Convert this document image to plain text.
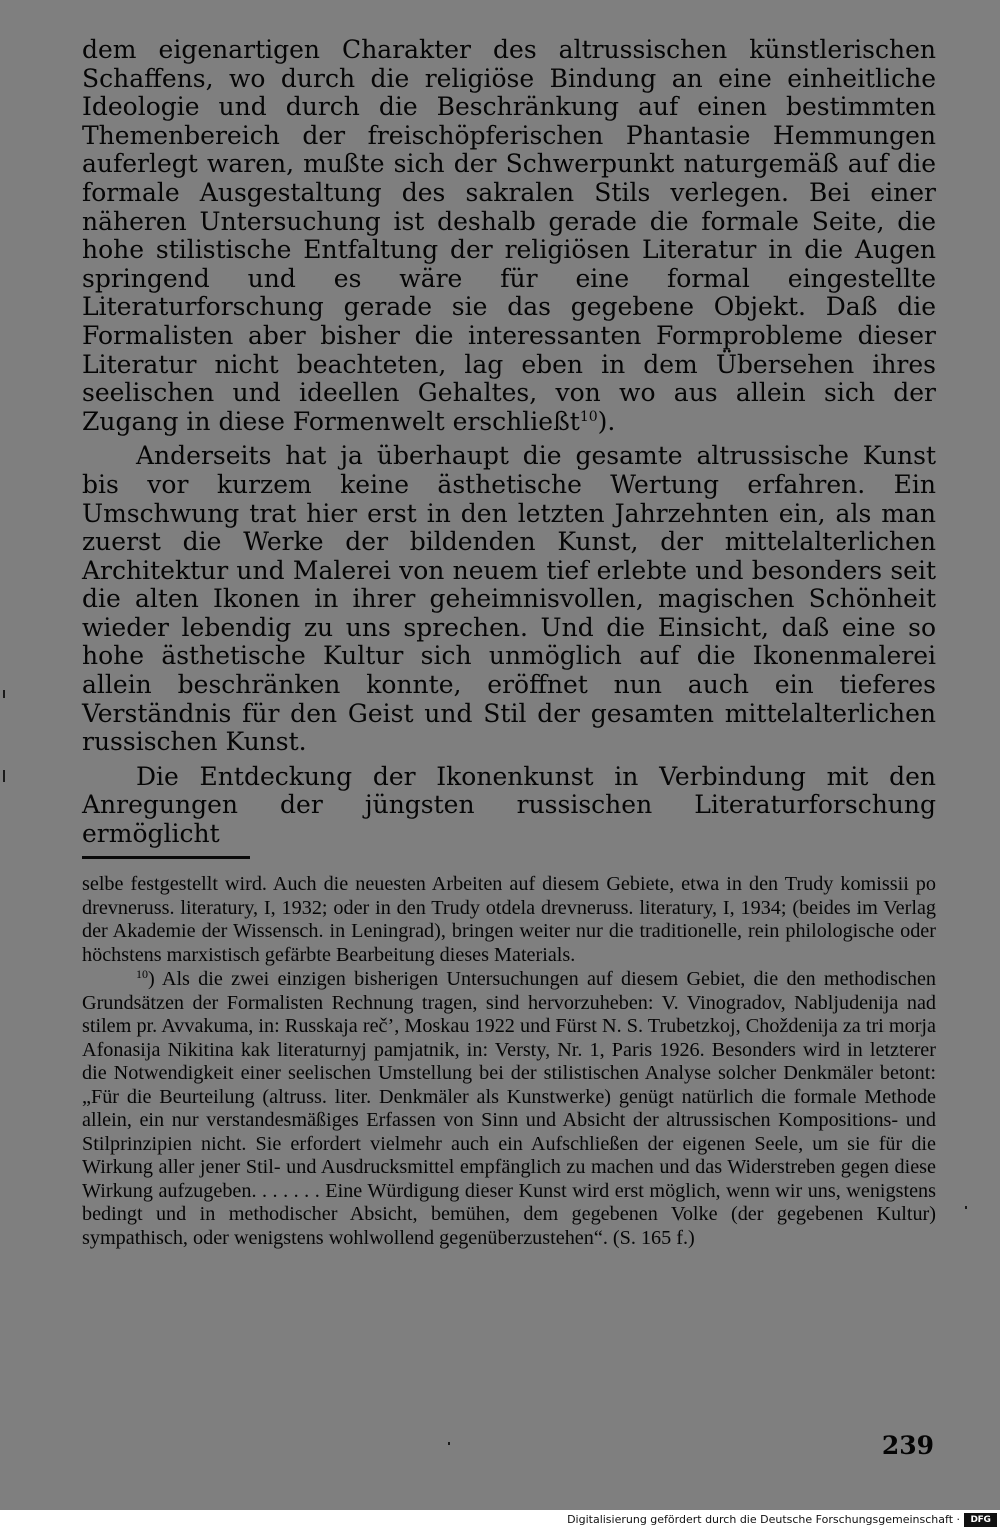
dem eigenartigen Charakter des altrussischen künstlerischen Schaffens, wo durch die religiöse Bindung an eine einheitliche Ideologie und durch die Beschränkung auf einen bestimmten Themenbereich der freischöpferischen Phantasie Hemmungen auferlegt waren, mußte sich der Schwerpunkt naturgemäß auf die formale Ausgestaltung des sakralen Stils verlegen. Bei einer näheren Untersuchung ist deshalb gerade die formale Seite, die hohe stilistische Entfaltung der religiösen Literatur in die Augen springend und es wäre für eine formal eingestellte Literaturforschung gerade sie das gegebene Objekt. Daß die Formalisten aber bisher die interessanten Formprobleme dieser Literatur nicht beachteten, lag eben in dem Übersehen ihres seelischen und ideellen Gehaltes, von wo aus allein sich der Zugang in diese Formenwelt erschließt$^{10}$).

Anderseits hat ja überhaupt die gesamte altrussische Kunst bis vor kurzem keine ästhetische Wertung erfahren. Ein Umschwung trat hier erst in den letzten Jahrzehnten ein, als man zuerst die Werke der bildenden Kunst, der mittelalterlichen Architektur und Malerei von neuem tief erlebte und besonders seit die alten Ikonen in ihrer geheimnisvollen, magischen Schönheit wieder lebendig zu uns sprechen. Und die Einsicht, daß eine so hohe ästhetische Kultur sich unmöglich auf die Ikonenmalerei allein beschränken konnte, eröffnet nun auch ein tieferes Verständnis für den Geist und Stil der gesamten mittelalterlichen russischen Kunst.

Die Entdeckung der Ikonenkunst in Verbindung mit den Anregungen der jüngsten russischen Literaturforschung ermöglicht

selbe festgestellt wird. Auch die neuesten Arbeiten auf diesem Gebiete, etwa in den Trudy komissii po drevneruss. literatury, I, 1932; oder in den Trudy otdela drevneruss. literatury, I, 1934; (beides im Verlag der Akademie der Wissensch. in Leningrad), bringen weiter nur die traditionelle, rein philologische oder höchstens marxistisch gefärbte Bearbeitung dieses Materials.

$^{10}$) Als die zwei einzigen bisherigen Untersuchungen auf diesem Gebiet, die den methodischen Grundsätzen der Formalisten Rechnung tragen, sind hervorzuheben: V. Vinogradov, Nabljudenija nad stilem pr. Avvakuma, in: Russkaja reč’, Moskau 1922 und Fürst N. S. Trubetzkoj, Choždenija za tri morja Afonasija Nikitina kak literaturnyj pamjatnik, in: Versty, Nr. 1, Paris 1926. Besonders wird in letzterer die Notwendigkeit einer seelischen Umstellung bei der stilistischen Analyse solcher Denkmäler betont: „Für die Beurteilung (altruss. liter. Denkmäler als Kunstwerke) genügt natürlich die formale Methode allein, ein nur verstandesmäßiges Erfassen von Sinn und Absicht der altrussischen Kompositions- und Stilprinzipien nicht. Sie erfordert vielmehr auch ein Aufschließen der eigenen Seele, um sie für die Wirkung aller jener Stil- und Ausdrucksmittel empfänglich zu machen und das Widerstreben gegen diese Wirkung aufzugeben. . . . . . . Eine Würdigung dieser Kunst wird erst möglich, wenn wir uns, wenigstens bedingt und in methodischer Absicht, bemühen, dem gegebenen Volke (der gegebenen Kultur) sympathisch, oder wenigstens wohlwollend gegenüberzustehen“. (S. 165 f.)

239
Digitalisierung gefördert durch die Deutsche Forschungsgemeinschaft ·	DFG
